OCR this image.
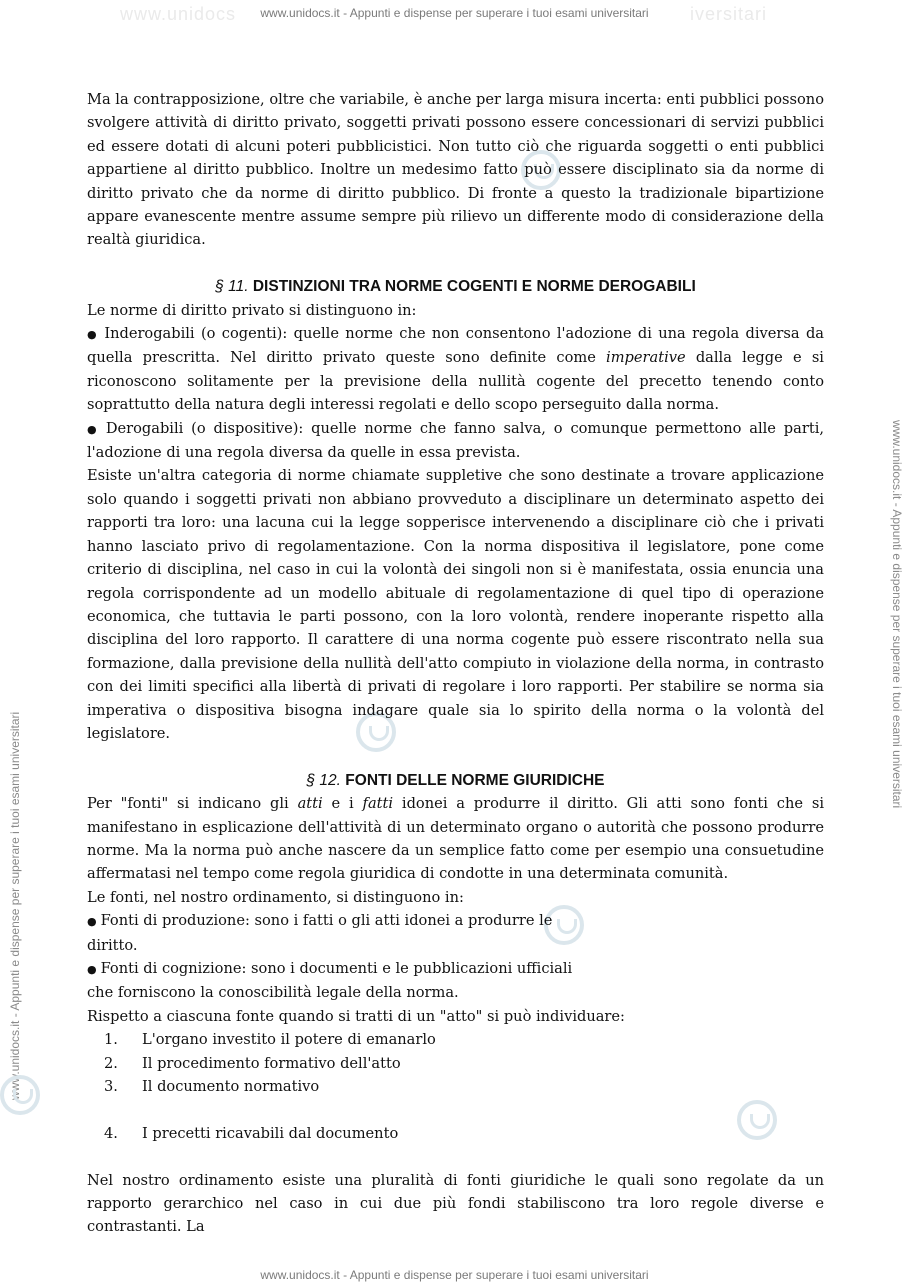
www.unidocs	iversitari
www.unidocs.it - Appunti e dispense per superare i tuoi esami universitari
www.unidocs.it - Appunti e dispense per superare i tuoi esami universitari
www.unidocs.it - Appunti e dispense per superare i tuoi esami universitari
www.unidocs.it - Appunti e dispense per superare i tuoi esami universitari

Ma la contrapposizione, oltre che variabile, è anche per larga misura incerta: enti pubblici possono svolgere attività di diritto privato, soggetti privati possono essere concessionari di servizi pubblici ed essere dotati di alcuni poteri pubblicistici. Non tutto ciò che riguarda soggetti o enti pubblici appartiene al diritto pubblico. Inoltre un medesimo fatto può essere disciplinato sia da norme di diritto privato che da norme di diritto pubblico. Di fronte a questo la tradizionale bipartizione appare evanescente mentre assume sempre più rilievo un differente modo di considerazione della realtà giuridica.

§ 11. DISTINZIONI TRA NORME COGENTI E NORME DEROGABILI

Le norme di diritto privato si distinguono in:

● Inderogabili (o cogenti): quelle norme che non consentono l'adozione di una regola diversa da quella prescritta. Nel diritto privato queste sono definite come imperative dalla legge e si riconoscono solitamente per la previsione della nullità cogente del precetto tenendo conto soprattutto della natura degli interessi regolati e dello scopo perseguito dalla norma.

● Derogabili (o dispositive): quelle norme che fanno salva, o comunque permettono alle parti, l'adozione di una regola diversa da quelle in essa prevista.

Esiste un'altra categoria di norme chiamate suppletive che sono destinate a trovare applicazione solo quando i soggetti privati non abbiano provveduto a disciplinare un determinato aspetto dei rapporti tra loro: una lacuna cui la legge sopperisce intervenendo a disciplinare ciò che i privati hanno lasciato privo di regolamentazione. Con la norma dispositiva il legislatore, pone come criterio di disciplina, nel caso in cui la volontà dei singoli non si è manifestata, ossia enuncia una regola corrispondente ad un modello abituale di regolamentazione di quel tipo di operazione economica, che tuttavia le parti possono, con la loro volontà, rendere inoperante rispetto alla disciplina del loro rapporto. Il carattere di una norma cogente può essere riscontrato nella sua formazione, dalla previsione della nullità dell'atto compiuto in violazione della norma, in contrasto con dei limiti specifici alla libertà di privati di regolare i loro rapporti. Per stabilire se norma sia imperativa o dispositiva bisogna indagare quale sia lo spirito della norma o la volontà del legislatore.

§ 12. FONTI DELLE NORME GIURIDICHE

Per "fonti" si indicano gli atti e i fatti idonei a produrre il diritto. Gli atti sono fonti che si manifestano in esplicazione dell'attività di un determinato organo o autorità che possono produrre norme. Ma la norma può anche nascere da un semplice fatto come per esempio una consuetudine affermatasi nel tempo come regola giuridica di condotte in una determinata comunità.

Le fonti, nel nostro ordinamento, si distinguono in:

● Fonti di produzione: sono i fatti o gli atti idonei a produrre le

diritto.

● Fonti di cognizione: sono i documenti e le pubblicazioni ufficiali

che forniscono la conoscibilità legale della norma.

Rispetto a ciascuna fonte quando si tratti di un "atto" si può individuare:

1. L'organo investito il potere di emanarlo
2. Il procedimento formativo dell'atto
3. Il documento normativo
4. I precetti ricavabili dal documento

Nel nostro ordinamento esiste una pluralità di fonti giuridiche le quali sono regolate da un rapporto gerarchico nel caso in cui due più fondi stabiliscono tra loro regole diverse e contrastanti. La
